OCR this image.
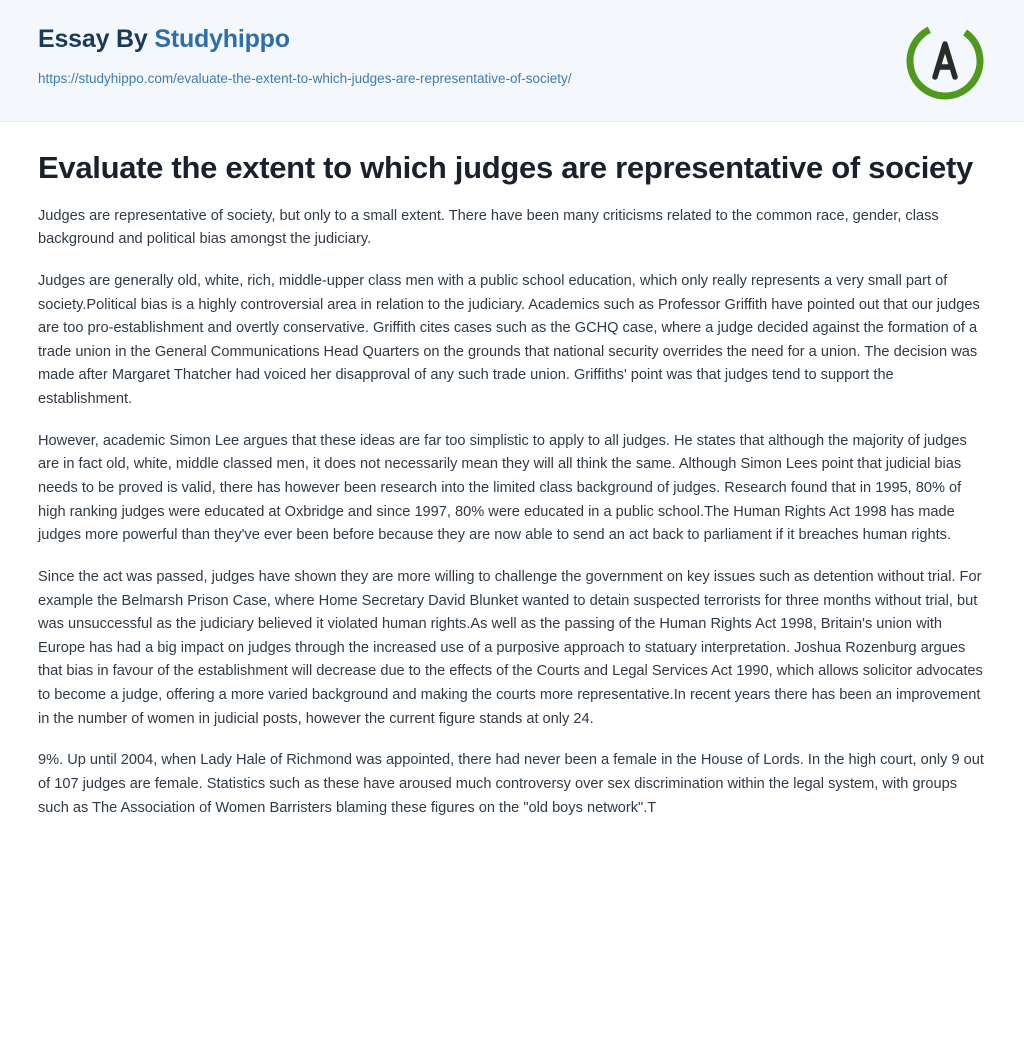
Essay By Studyhippo
https://studyhippo.com/evaluate-the-extent-to-which-judges-are-representative-of-society/
Evaluate the extent to which judges are representative of society

Judges are representative of society, but only to a small extent. There have been many criticisms related to the common race, gender, class background and political bias amongst the judiciary.

Judges are generally old, white, rich, middle-upper class men with a public school education, which only really represents a very small part of society.Political bias is a highly controversial area in relation to the judiciary. Academics such as Professor Griffith have pointed out that our judges are too pro-establishment and overtly conservative. Griffith cites cases such as the GCHQ case, where a judge decided against the formation of a trade union in the General Communications Head Quarters on the grounds that national security overrides the need for a union. The decision was made after Margaret Thatcher had voiced her disapproval of any such trade union. Griffiths' point was that judges tend to support the establishment.

However, academic Simon Lee argues that these ideas are far too simplistic to apply to all judges. He states that although the majority of judges are in fact old, white, middle classed men, it does not necessarily mean they will all think the same. Although Simon Lees point that judicial bias needs to be proved is valid, there has however been research into the limited class background of judges. Research found that in 1995, 80% of high ranking judges were educated at Oxbridge and since 1997, 80% were educated in a public school.The Human Rights Act 1998 has made judges more powerful than they've ever been before because they are now able to send an act back to parliament if it breaches human rights.

Since the act was passed, judges have shown they are more willing to challenge the government on key issues such as detention without trial. For example the Belmarsh Prison Case, where Home Secretary David Blunket wanted to detain suspected terrorists for three months without trial, but was unsuccessful as the judiciary believed it violated human rights.As well as the passing of the Human Rights Act 1998, Britain's union with Europe has had a big impact on judges through the increased use of a purposive approach to statuary interpretation. Joshua Rozenburg argues that bias in favour of the establishment will decrease due to the effects of the Courts and Legal Services Act 1990, which allows solicitor advocates to become a judge, offering a more varied background and making the courts more representative.In recent years there has been an improvement in the number of women in judicial posts, however the current figure stands at only 24.

9%. Up until 2004, when Lady Hale of Richmond was appointed, there had never been a female in the House of Lords. In the high court, only 9 out of 107 judges are female. Statistics such as these have aroused much controversy over sex discrimination within the legal system, with groups such as The Association of Women Barristers blaming these figures on the "old boys network".T
